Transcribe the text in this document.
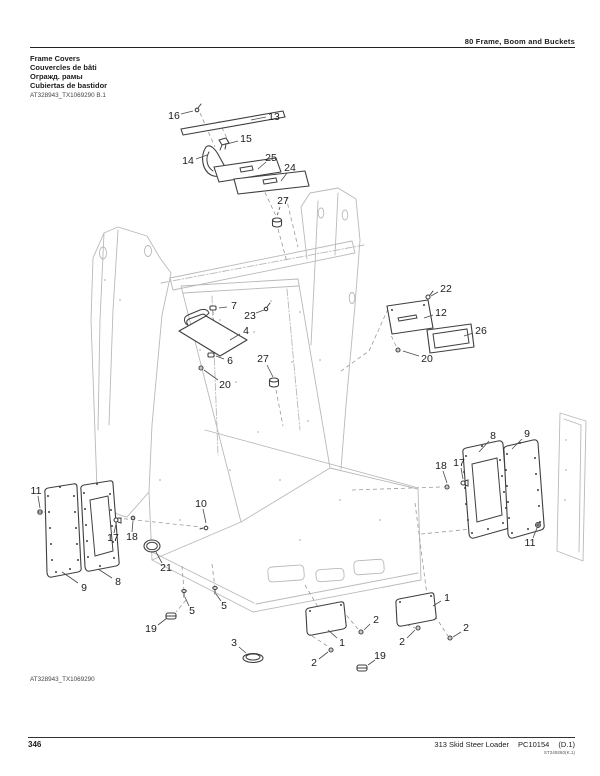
80 Frame, Boom and Buckets
Frame Covers
Couvercles de bâti
Огражд. рамы
Cubiertas de bastidor
AT328943_TX1069290 B.1
16	13
15
14	25
24
27
7
23
4
6 27
20
22
12
26
20
8	9
18 17
11
11
10
17 18
21
9	8
5 5
19
3	1
2
2
1
2
2
19
AT328943_TX1069290
346	313 Skid Steer Loader PC10154 (D.1)
ST249260(K.1)
